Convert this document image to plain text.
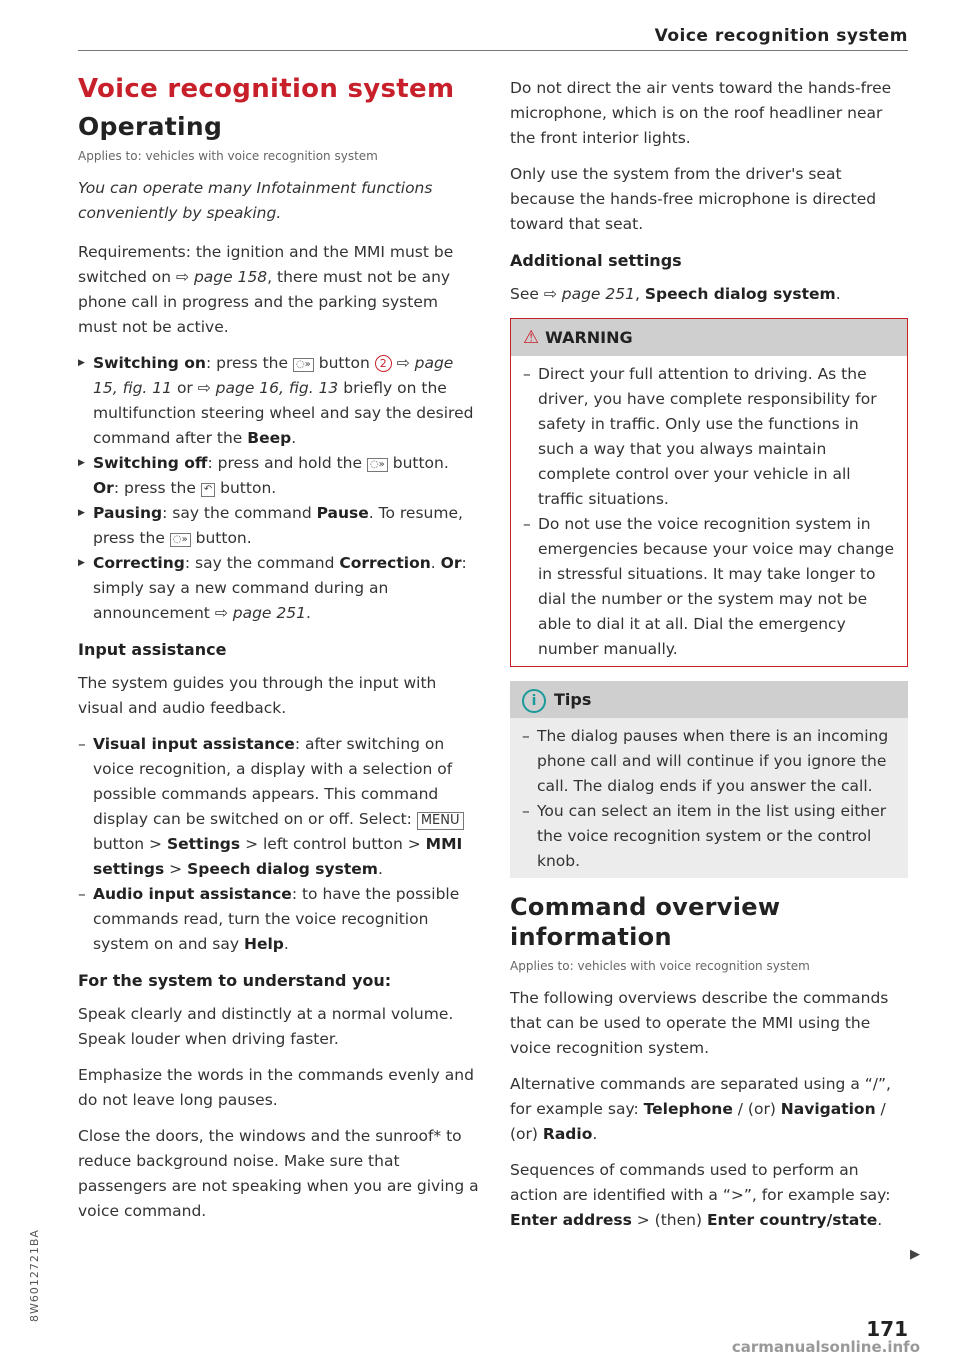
Voice recognition system
Voice recognition system
Operating
Applies to: vehicles with voice recognition system

You can operate many Infotainment functions conveniently by speaking.

Requirements: the ignition and the MMI must be switched on ⇨ page 158, there must not be any phone call in progress and the parking system must not be active.

▶ Switching on: press the ◌» button 2 ⇨ page 15, fig. 11 or ⇨ page 16, fig. 13 briefly on the multifunction steering wheel and say the desired command after the Beep.
▶ Switching off: press and hold the ◌» button.
Or: press the ↶ button.
▶ Pausing: say the command Pause. To resume, press the ◌» button.
▶ Correcting: say the command Correction. Or: simply say a new command during an announcement ⇨ page 251.
Input assistance

The system guides you through the input with visual and audio feedback.

– Visual input assistance: after switching on voice recognition, a display with a selection of possible commands appears. This command display can be switched on or off. Select: MENU button > Settings > left control button > MMI settings > Speech dialog system.
– Audio input assistance: to have the possible commands read, turn the voice recognition system on and say Help.
For the system to understand you:

Speak clearly and distinctly at a normal volume. Speak louder when driving faster.

Emphasize the words in the commands evenly and do not leave long pauses.

Close the doors, the windows and the sunroof* to reduce background noise. Make sure that passengers are not speaking when you are giving a voice command.

Do not direct the air vents toward the hands-free microphone, which is on the roof headliner near the front interior lights.

Only use the system from the driver's seat because the hands-free microphone is directed toward that seat.

Additional settings

See ⇨ page 251, Speech dialog system.

⚠ WARNING
– Direct your full attention to driving. As the driver, you have complete responsibility for safety in traffic. Only use the functions in such a way that you always maintain complete control over your vehicle in all traffic situations.
– Do not use the voice recognition system in emergencies because your voice may change in stressful situations. It may take longer to dial the number or the system may not be able to dial it at all. Dial the emergency number manually.
i Tips
– The dialog pauses when there is an incoming phone call and will continue if you ignore the call. The dialog ends if you answer the call.
– You can select an item in the list using either the voice recognition system or the control knob.
Command overview information
Applies to: vehicles with voice recognition system

The following overviews describe the commands that can be used to operate the MMI using the voice recognition system.

Alternative commands are separated using a “/”, for example say: Telephone / (or) Navigation / (or) Radio.

Sequences of commands used to perform an action are identified with a “>”, for example say: Enter address > (then) Enter country/state.

▶
171
8W6012721BA
carmanualsonline.info
